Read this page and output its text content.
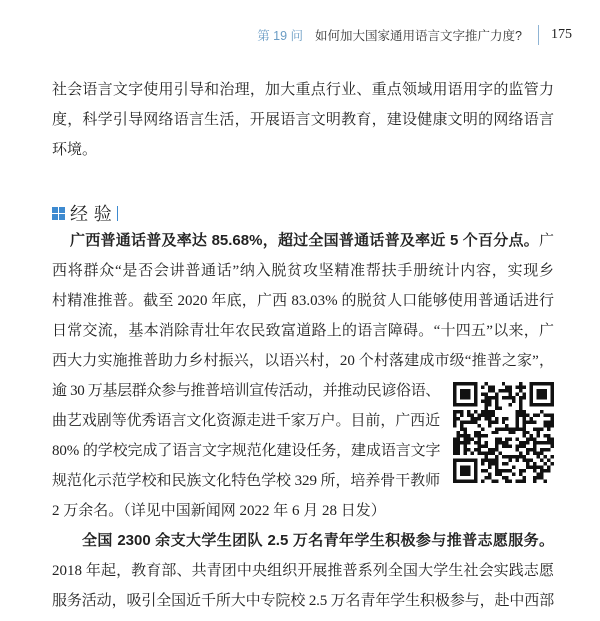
第 19 问 如何加大国家通用语言文字推广力度? 175
社会语言文字使用引导和治理，加大重点行业、重点领域用语用字的监管力
度，科学引导网络语言生活，开展语言文明教育，建设健康文明的网络语言
环境。
经 验
广西普通话普及率达 85.68%，超过全国普通话普及率近 5 个百分点。广
西将群众“是否会讲普通话”纳入脱贫攻坚精准帮扶手册统计内容，实现乡
村精准推普。截至 2020 年底，广西 83.03% 的脱贫人口能够使用普通话进行
日常交流，基本消除青壮年农民致富道路上的语言障碍。“十四五”以来，广
西大力实施推普助力乡村振兴，以语兴村，20 个村落建成市级“推普之家”，
逾 30 万基层群众参与推普培训宣传活动，并推动民谚俗语、
曲艺戏剧等优秀语言文化资源走进千家万户。目前，广西近
80% 的学校完成了语言文字规范化建设任务，建成语言文字
规范化示范学校和民族文化特色学校 329 所，培养骨干教师
2 万余名。（详见中国新闻网 2022 年 6 月 28 日发）
全国 2300 余支大学生团队 2.5 万名青年学生积极参与推普志愿服务。
2018 年起，教育部、共青团中央组织开展推普系列全国大学生社会实践志愿
服务活动，吸引全国近千所大中专院校 2.5 万名青年学生积极参与，赴中西部
